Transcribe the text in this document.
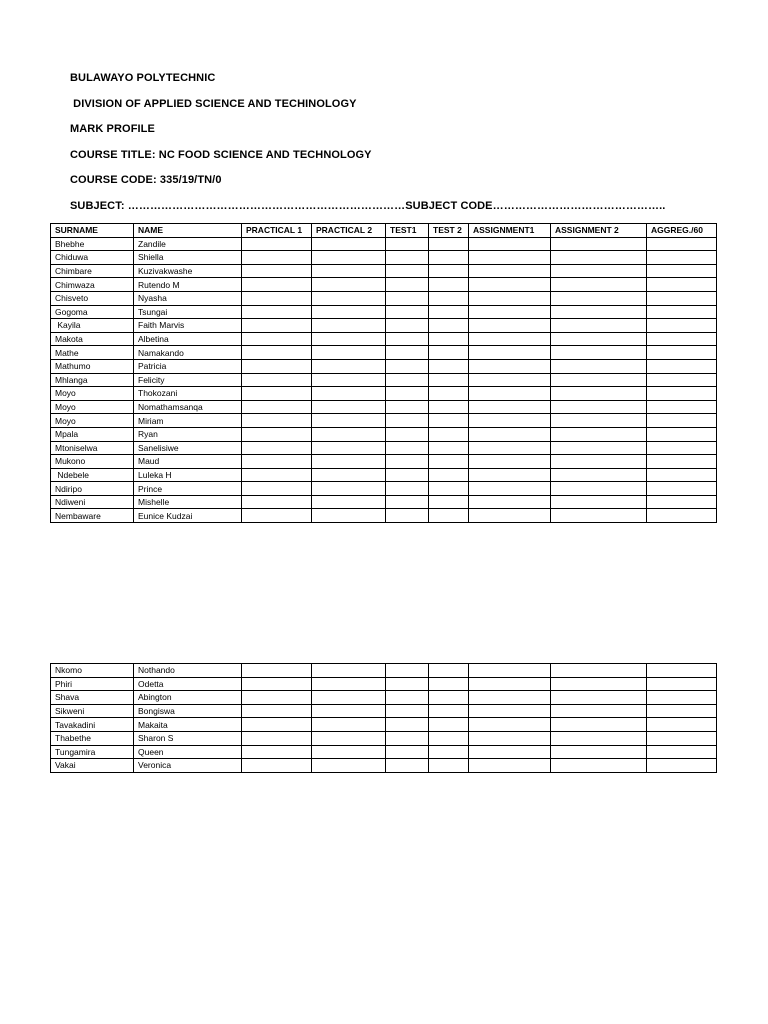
BULAWAYO POLYTECHNIC
DIVISION OF APPLIED SCIENCE AND TECHINOLOGY
MARK PROFILE
COURSE TITLE: NC FOOD SCIENCE AND TECHNOLOGY
COURSE CODE: 335/19/TN/0
SUBJECT: …………………………………………………………………SUBJECT CODE………………………………………..
SURNAME	NAME	PRACTICAL 1	PRACTICAL 2	TEST1	TEST 2	ASSIGNMENT1	ASSIGNMENT 2	AGGREG./60
Bhebhe	Zandile							
Chiduwa	Shiella							
Chimbare	Kuzivakwashe							
Chimwaza	Rutendo M							
Chisveto	Nyasha							
Gogoma	Tsungai							
Kayila	Faith Marvis							
Makota	Albetina							
Mathe	Namakando							
Mathumo	Patricia							
Mhlanga	Felicity							
Moyo	Thokozani							
Moyo	Nomathamsanqa							
Moyo	Miriam							
Mpala	Ryan							
Mtoniselwa	Sanelisiwe							
Mukono	Maud							
Ndebele	Luleka H							
Ndiripo	Prince							
Ndiweni	Mishelle							
Nembaware	Eunice Kudzai							
Nkomo	Nothando							
Phiri	Odetta							
Shava	Abington							
Sikweni	Bongiswa							
Tavakadini	Makaita							
Thabethe	Sharon S							
Tungamira	Queen							
Vakai	Veronica							
